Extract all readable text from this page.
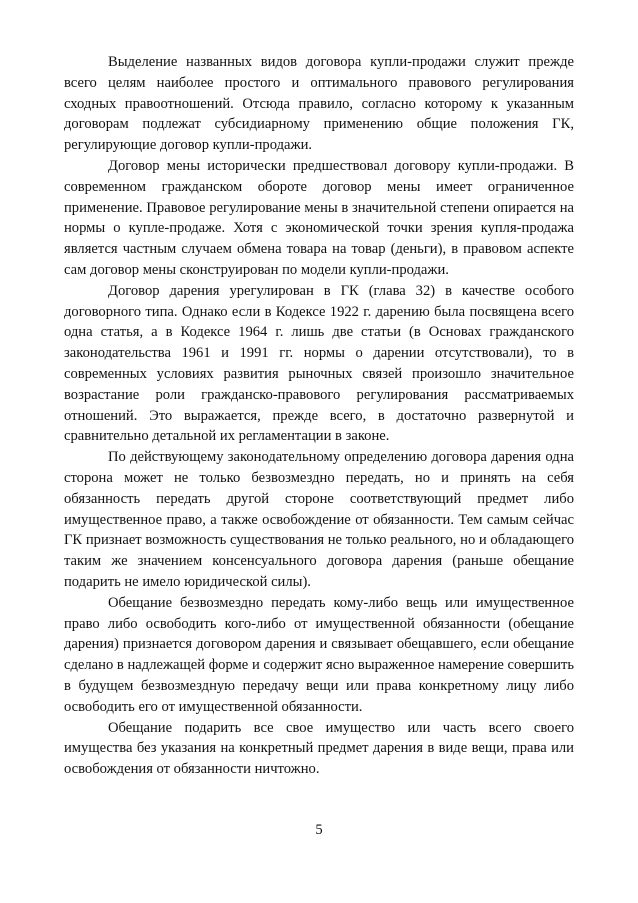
Выделение названных видов договора купли-продажи служит прежде всего целям наиболее простого и оптимального правового регулирования сходных правоотношений. Отсюда правило, согласно которому к указанным договорам подлежат субсидиарному применению общие положения ГК, регулирующие договор купли-продажи.

Договор мены исторически предшествовал договору купли-продажи. В современном гражданском обороте договор мены имеет ограниченное применение. Правовое регулирование мены в значительной степени опирается на нормы о купле-продаже. Хотя с экономической точки зрения купля-продажа является частным случаем обмена товара на товар (деньги), в правовом аспекте сам договор мены сконструирован по модели купли-продажи.

Договор дарения урегулирован в ГК (глава 32) в качестве особого договорного типа. Однако если в Кодексе 1922 г. дарению была посвящена всего одна статья, а в Кодексе 1964 г. лишь две статьи (в Основах гражданского законодательства 1961 и 1991 гг. нормы о дарении отсутствовали), то в современных условиях развития рыночных связей произошло значительное возрастание роли гражданско-правового регулирования рассматриваемых отношений. Это выражается, прежде всего, в достаточно развернутой и сравнительно детальной их регламентации в законе.

По действующему законодательному определению договора дарения одна сторона может не только безвозмездно передать, но и принять на себя обязанность передать другой стороне соответствующий предмет либо имущественное право, а также освобождение от обязанности. Тем самым сейчас ГК признает возможность существования не только реального, но и обладающего таким же значением консенсуального договора дарения (раньше обещание подарить не имело юридической силы).

Обещание безвозмездно передать кому-либо вещь или имущественное право либо освободить кого-либо от имущественной обязанности (обещание дарения) признается договором дарения и связывает обещавшего, если обещание сделано в надлежащей форме и содержит ясно выраженное намерение совершить в будущем безвозмездную передачу вещи или права конкретному лицу либо освободить его от имущественной обязанности.

Обещание подарить все свое имущество или часть всего своего имущества без указания на конкретный предмет дарения в виде вещи, права или освобождения от обязанности ничтожно.

5
